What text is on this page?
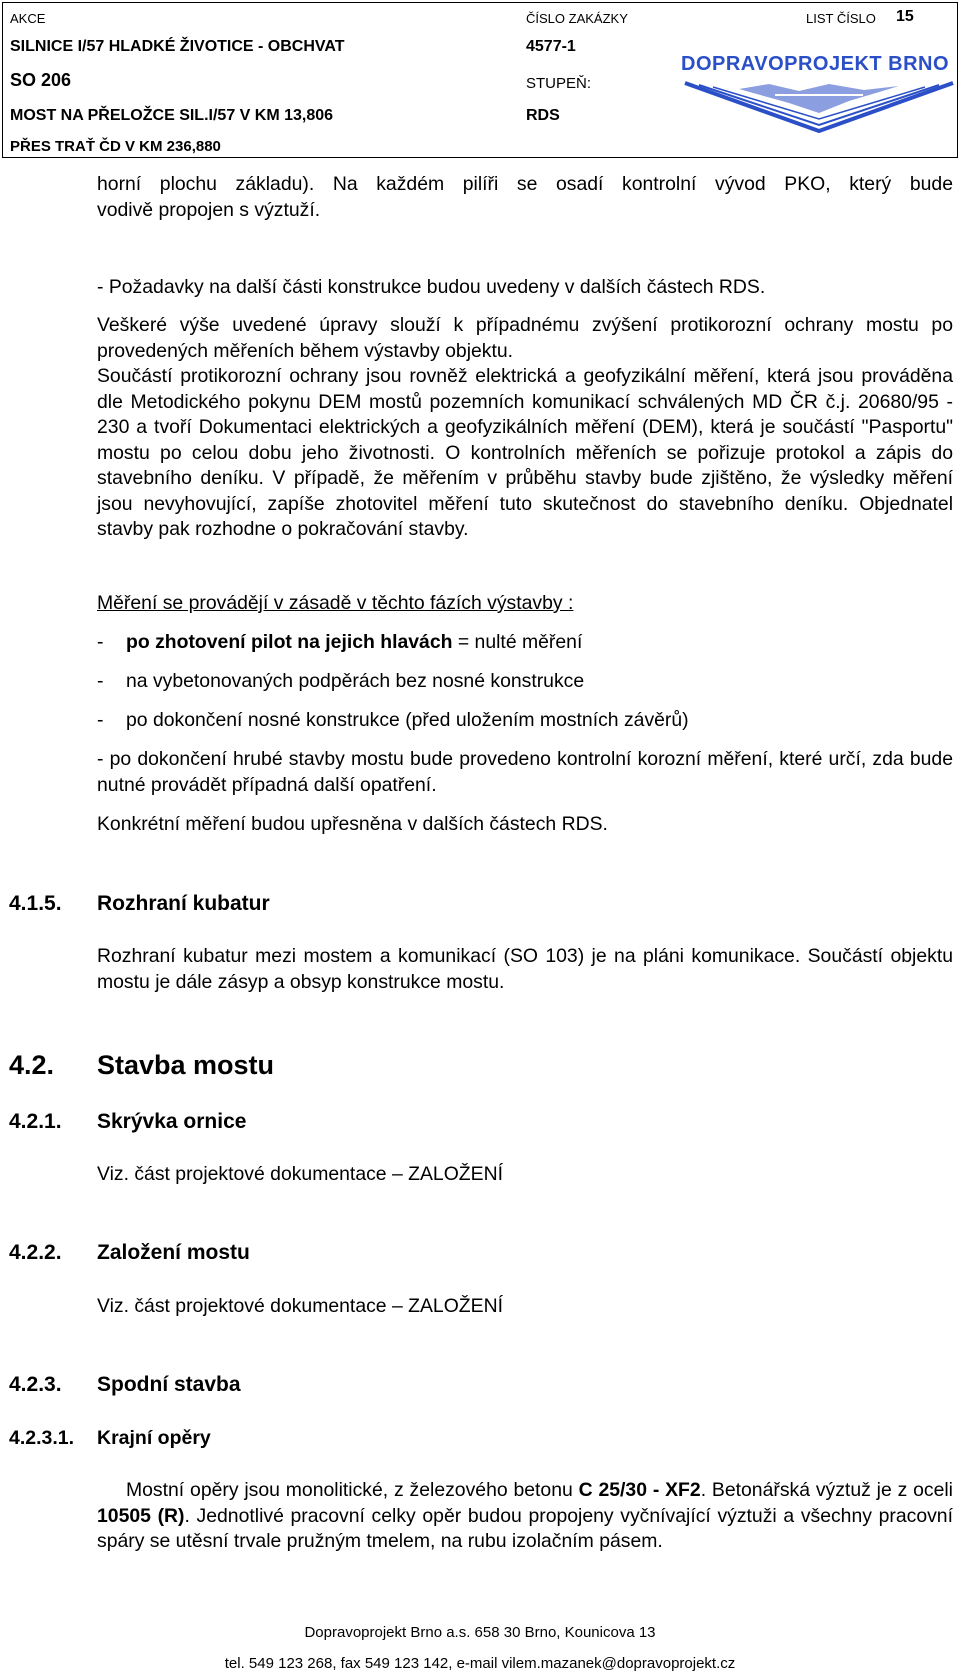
AKCE	ČÍSLO ZAKÁZKY	LIST ČÍSLO 15
SILNICE I/57 HLADKÉ ŽIVOTICE - OBCHVAT	4577-1
SO 206	STUPEŇ:
MOST NA PŘELOŽCE SIL.I/57 V KM 13,806	RDS
PŘES TRAŤ ČD V KM 236,880
DOPRAVOPROJEKT BRNO
horní plochu základu). Na každém pilíři se osadí kontrolní vývod PKO, který bude
vodivě propojen s výztuží.
- Požadavky na další části konstrukce budou uvedeny v dalších částech RDS.
Veškeré výše uvedené úpravy slouží k případnému zvýšení protikorozní ochrany mostu po provedených měřeních během výstavby objektu.
Součástí protikorozní ochrany jsou rovněž elektrická a geofyzikální měření, která jsou prováděna dle Metodického pokynu DEM mostů pozemních komunikací schválených MD ČR č.j. 20680/95 - 230 a tvoří Dokumentaci elektrických a geofyzikálních měření (DEM), která je součástí "Pasportu" mostu po celou dobu jeho životnosti. O kontrolních měřeních se pořizuje protokol a zápis do stavebního deníku. V případě, že měřením v průběhu stavby bude zjištěno, že výsledky měření jsou nevyhovující, zapíše zhotovitel měření tuto skutečnost do stavebního deníku. Objednatel stavby pak rozhodne o pokračování stavby.
Měření se provádějí v zásadě v těchto fázích výstavby :
- po zhotovení pilot na jejich hlavách = nulté měření
- na vybetonovaných podpěrách bez nosné konstrukce
- po dokončení nosné konstrukce (před uložením mostních závěrů)
- po dokončení hrubé stavby mostu bude provedeno kontrolní korozní měření, které určí, zda bude nutné provádět případná další opatření.
Konkrétní měření budou upřesněna v dalších částech RDS.
4.1.5. Rozhraní kubatur
Rozhraní kubatur mezi mostem a komunikací (SO 103) je na pláni komunikace. Součástí objektu mostu je dále zásyp a obsyp konstrukce mostu.
4.2. Stavba mostu
4.2.1. Skrývka ornice
Viz. část projektové dokumentace – ZALOŽENÍ
4.2.2. Založení mostu
Viz. část projektové dokumentace – ZALOŽENÍ
4.2.3. Spodní stavba
4.2.3.1. Krajní opěry
Mostní opěry jsou monolitické, z železového betonu C 25/30 - XF2. Betonářská výztuž je z oceli 10505 (R). Jednotlivé pracovní celky opěr budou propojeny vyčnívající výztuži a všechny pracovní spáry se utěsní trvale pružným tmelem, na rubu izolačním pásem.
Dopravoprojekt Brno a.s. 658 30 Brno, Kounicova 13
tel. 549 123 268, fax 549 123 142, e-mail vilem.mazanek@dopravoprojekt.cz
